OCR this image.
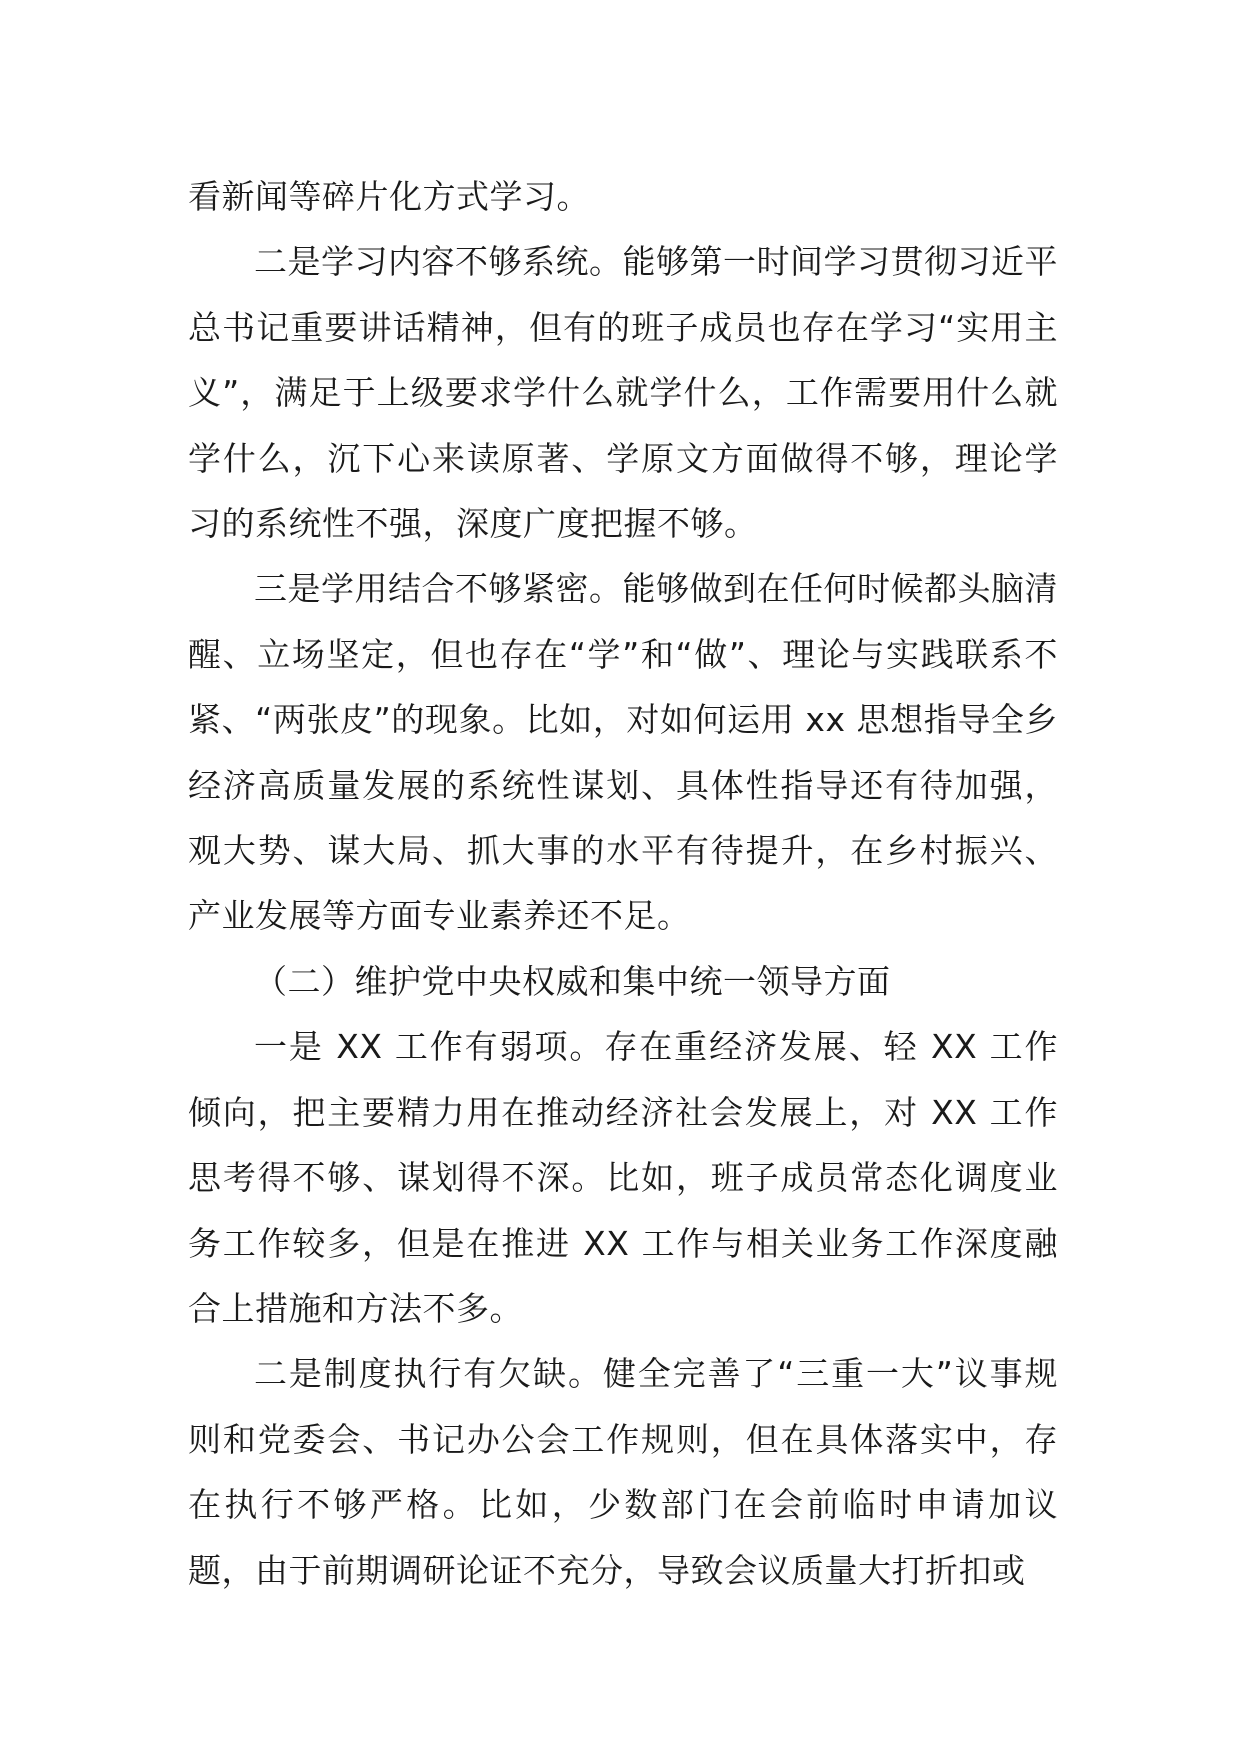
看新闻等碎片化方式学习。

二是学习内容不够系统。能够第一时间学习贯彻习近平总书记重要讲话精神，但有的班子成员也存在学习“实用主义”，满足于上级要求学什么就学什么，工作需要用什么就学什么，沉下心来读原著、学原文方面做得不够，理论学习的系统性不强，深度广度把握不够。

三是学用结合不够紧密。能够做到在任何时候都头脑清醒、立场坚定，但也存在“学”和“做”、理论与实践联系不紧、“两张皮”的现象。比如，对如何运用 xx 思想指导全乡经济高质量发展的系统性谋划、具体性指导还有待加强，观大势、谋大局、抓大事的水平有待提升，在乡村振兴、产业发展等方面专业素养还不足。

（二）维护党中央权威和集中统一领导方面

一是 XX 工作有弱项。存在重经济发展、轻 XX 工作倾向，把主要精力用在推动经济社会发展上，对 XX 工作思考得不够、谋划得不深。比如，班子成员常态化调度业务工作较多，但是在推进 XX 工作与相关业务工作深度融合上措施和方法不多。

二是制度执行有欠缺。健全完善了“三重一大”议事规则和党委会、书记办公会工作规则，但在具体落实中，存在执行不够严格。比如，少数部门在会前临时申请加议题，由于前期调研论证不充分，导致会议质量大打折扣或
